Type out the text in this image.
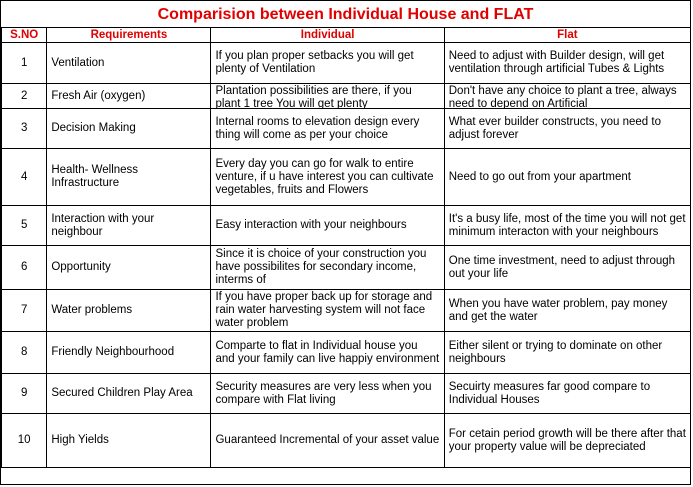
Comparision between Individual House and FLAT
S.NO	Requirements	Individual	Flat

1	Ventilation	If you plan proper setbacks you will get plenty of Ventilation	Need to adjust with Builder design, will get ventilation through artificial Tubes & Lights

2	Fresh Air (oxygen)	Plantation possibilities are there, if you plant 1 tree You will get plenty	Don't have any choice to plant a tree, always need to depend on Artificial

3	Decision Making	Internal rooms to elevation design every thing will come as per your choice	What ever builder constructs, you need to adjust forever

4	Health- Wellness Infrastructure	Every day you can go for walk to entire venture, if u have interest you can cultivate vegetables, fruits and Flowers	Need to go out from your apartment

5	Interaction with your neighbour	Easy interaction with your neighbours	It's a busy life, most of the time you will not get minimum interacton with your neighbours

6	Opportunity	Since it is choice of your construction you have possibilites for secondary income, interms of	One time investment, need to adjust through out your life

7	Water problems	If you have proper back up for storage and rain water harvesting system will not face water problem	When you have water problem, pay money and get the water

8	Friendly Neighbourhood	Comparte to flat in Individual house you and your family can live happiy environment	Either silent or trying to dominate on other neighbours

9	Secured Children Play Area	Security measures are very less when you compare with Flat living	Secuirty measures far good compare to Individual Houses

10	High Yields	Guaranteed Incremental of your asset value	For cetain period growth will be there after that your property value will be depreciated
